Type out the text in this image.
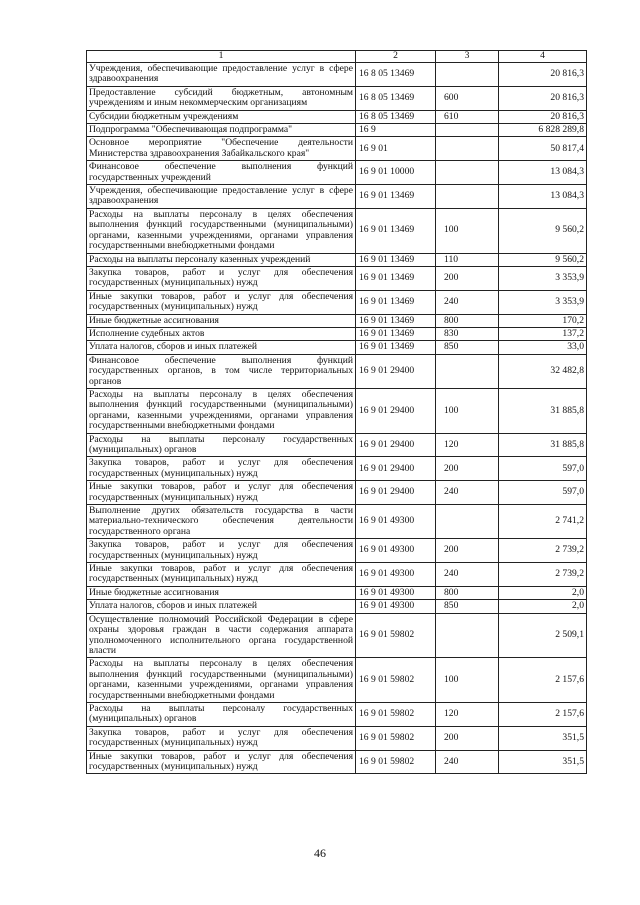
1	2	3	4
Учреждения, обеспечивающие предоставление услуг в сфере здравоохранения	16 8 05 13469		20 816,3
Предоставление субсидий бюджетным, автономным учреждениям и иным некоммерческим организациям	16 8 05 13469	600	20 816,3
Субсидии бюджетным учреждениям	16 8 05 13469	610	20 816,3
Подпрограмма "Обеспечивающая подпрограмма"	16 9		6 828 289,8
Основное мероприятие "Обеспечение деятельности Министерства здравоохранения Забайкальского края"	16 9 01		50 817,4
Финансовое обеспечение выполнения функций государственных учреждений	16 9 01 10000		13 084,3
Учреждения, обеспечивающие предоставление услуг в сфере здравоохранения	16 9 01 13469		13 084,3
Расходы на выплаты персоналу в целях обеспечения выполнения функций государственными (муниципальными) органами, казенными учреждениями, органами управления государственными внебюджетными фондами	16 9 01 13469	100	9 560,2
Расходы на выплаты персоналу казенных учреждений	16 9 01 13469	110	9 560,2
Закупка товаров, работ и услуг для обеспечения государственных (муниципальных) нужд	16 9 01 13469	200	3 353,9
Иные закупки товаров, работ и услуг для обеспечения государственных (муниципальных) нужд	16 9 01 13469	240	3 353,9
Иные бюджетные ассигнования	16 9 01 13469	800	170,2
Исполнение судебных актов	16 9 01 13469	830	137,2
Уплата налогов, сборов и иных платежей	16 9 01 13469	850	33,0
Финансовое обеспечение выполнения функций государственных органов, в том числе территориальных органов	16 9 01 29400		32 482,8
Расходы на выплаты персоналу в целях обеспечения выполнения функций государственными (муниципальными) органами, казенными учреждениями, органами управления государственными внебюджетными фондами	16 9 01 29400	100	31 885,8
Расходы на выплаты персоналу государственных (муниципальных) органов	16 9 01 29400	120	31 885,8
Закупка товаров, работ и услуг для обеспечения государственных (муниципальных) нужд	16 9 01 29400	200	597,0
Иные закупки товаров, работ и услуг для обеспечения государственных (муниципальных) нужд	16 9 01 29400	240	597,0
Выполнение других обязательств государства в части материально-технического обеспечения деятельности государственного органа	16 9 01 49300		2 741,2
Закупка товаров, работ и услуг для обеспечения государственных (муниципальных) нужд	16 9 01 49300	200	2 739,2
Иные закупки товаров, работ и услуг для обеспечения государственных (муниципальных) нужд	16 9 01 49300	240	2 739,2
Иные бюджетные ассигнования	16 9 01 49300	800	2,0
Уплата налогов, сборов и иных платежей	16 9 01 49300	850	2,0
Осуществление полномочий Российской Федерации в сфере охраны здоровья граждан в части содержания аппарата уполномоченного исполнительного органа государственной власти	16 9 01 59802		2 509,1
Расходы на выплаты персоналу в целях обеспечения выполнения функций государственными (муниципальными) органами, казенными учреждениями, органами управления государственными внебюджетными фондами	16 9 01 59802	100	2 157,6
Расходы на выплаты персоналу государственных (муниципальных) органов	16 9 01 59802	120	2 157,6
Закупка товаров, работ и услуг для обеспечения государственных (муниципальных) нужд	16 9 01 59802	200	351,5
Иные закупки товаров, работ и услуг для обеспечения государственных (муниципальных) нужд	16 9 01 59802	240	351,5
46
